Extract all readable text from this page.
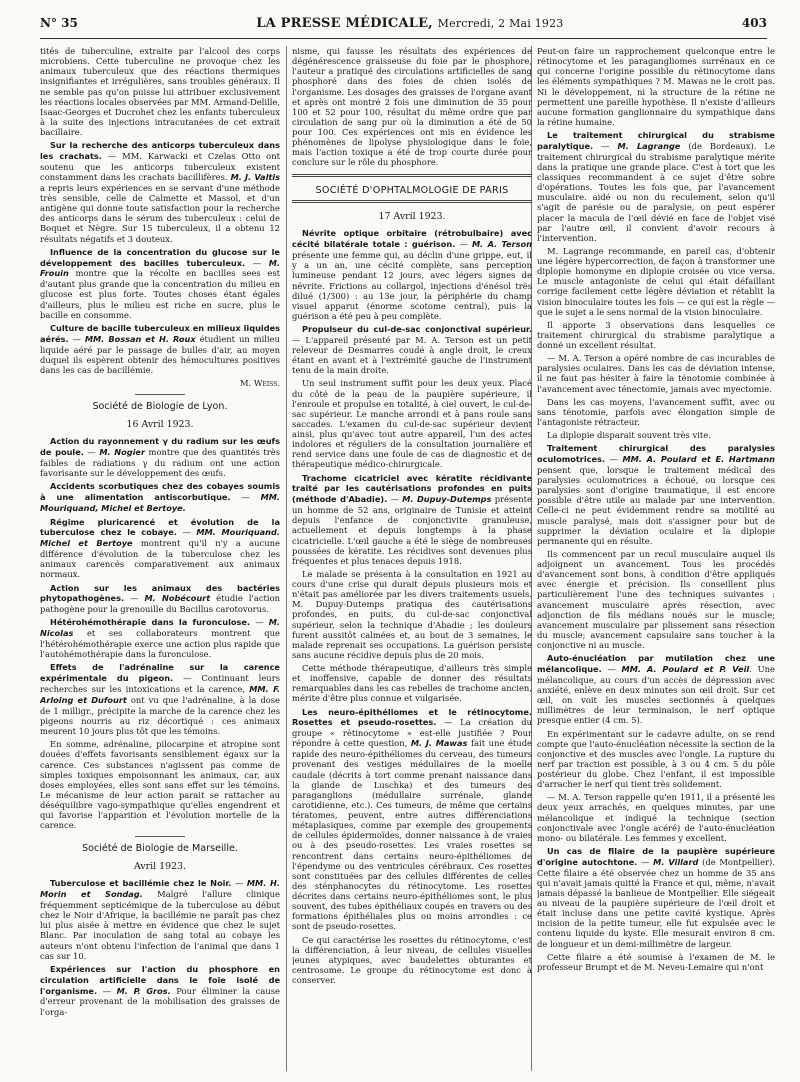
N° 35	LA PRESSE MÉDICALE, Mercredi, 2 Mai 1923	403

tités de tuberculine, extraite par l'alcool des corps microbiens. Cette tuberculine ne provoque chez les animaux tuberculeux que des réactions thermiques insignifiantes et irrégulières, sans troubles généraux. Il ne semble pas qu'on puisse lui attribuer exclusivement les réactions locales observées par MM. Armand-Delille, Isaac-Georges et Ducrohet chez les enfants tuberculeux à la suite des injections intracutanées de cet extrait bacillaire.

Sur la recherche des anticorps tuberculeux dans les crachats. — MM. Karwacki et Czelas Otto ont soutenu que les anticorps tuberculeux existent constamment dans les crachats bacillifères. M. J. Valtis a repris leurs expériences en se servant d'une méthode très sensible, celle de Calmette et Massol, et d'un antigène qui donne toute satisfaction pour la recherche des anticorps dans le sérum des tuberculeux : celui de Boquet et Nègre. Sur 15 tuberculeux, il a obtenu 12 résultats négatifs et 3 douteux.

Influence de la concentration du glucose sur le développement des bacilles tuberculeux. — M. Frouin montre que la récolte en bacilles sees est d'autant plus grande que la concentration du milieu en glucose est plus forte. Toutes choses étant égales d'ailleurs, plus le milieu est riche en sucre, plus le bacille en consomme.

Culture de bacille tuberculeux en milieux liquides aérés. — MM. Bossan et H. Roux étudient un milieu liquide aéré par le passage de bulles d'air, au moyen duquel ils espèrent obtenir des hémocultures positives dans les cas de bacillémie.

M. Weiss.

Société de Biologie de Lyon.

16 Avril 1923.

Action du rayonnement γ du radium sur les œufs de poule. — M. Nogier montre que des quantités très faibles de radiations γ du radium ont une action favorisante sur le développement des œufs.

Accidents scorbutiques chez des cobayes soumis à une alimentation antiscorbutique. — MM. Mouriquand, Michel et Bertoye.

Régime pluricarencé et évolution de la tuberculose chez le cobaye. — MM. Mouriquand. Michel et Bertoye montrent qu'il n'y a aucune différence d'évolution de la tuberculose chez les animaux carencés comparativement aux animaux normaux.

Action sur les animaux des bactéries phytopathogènes. — M. Nobécourt étudie l'action pathogène pour la grenouille du Bacillus carotovorus.

Hétérohémothérapie dans la furonculose. — M. Nicolas et ses collaborateurs montrent que l'hétérohémothérapie exerce une action plus rapide que l'autohémothérapie dans la furonculose.

Effets de l'adrénaline sur la carence expérimentale du pigeon. — Continuant leurs recherches sur les intoxications et la carence, MM. F. Arloing et Dufourt ont vu que l'adrénaline, à la dose de 1 milligr., précipite la marche de la carence chez les pigeons nourris au riz décortiqué : ces animaux meurent 10 jours plus tôt que les témoins.

En somme, adrénaline, pilocarpine et atropine sont douées d'effets favorisants sensiblement égaux sur la carence. Ces substances n'agissent pas comme de simples toxiques empoisonnant les animaux, car, aux doses employées, elles sont sans effet sur les témoins. Le mécanisme de leur action parait se rattacher au déséquilibre vago-sympathique qu'elles engendrent et qui favorise l'apparition et l'évolution mortelle de la carence.

Société de Biologie de Marseille.

Avril 1923.

Tuberculose et bacillémie chez le Noir. — MM. H. Morin et Sondag. Malgré l'allure clinique fréquemment septicémique de la tuberculose au début chez le Noir d'Afrique, la bacillémie ne paraît pas chez lui plus aisée à mettre en évidence que chez le sujet Blanc. Par inoculation de sang total au cobaye les auteurs n'ont obtenu l'infection de l'animal que dans 1 cas sur 10.

Expériences sur l'action du phosphore en circulation artificielle dans le foie isolé de l'organisme. — M. P. Gros. Pour éliminer la cause d'erreur provenant de la mobilisation des graisses de l'orga-

nisme, qui fausse les résultats des expériences de dégénérescence graisseuse du foie par le phosphore, l'auteur a pratiqué des circulations artificielles de sang phosphoré dans des foies de chien isolés de l'organisme. Les dosages des graisses de l'organe avant et après ont montré 2 fois une diminution de 35 pour 100 et 52 pour 100, résultat du même ordre que par circulation de sang pur où la diminution a été de 50 pour 100. Ces expériences ont mis en évidence les phénomènes de lipolyse physiologique dans le foie, mais l'action toxique a été de trop courte durée pour conclure sur le rôle du phosphore.

SOCIÉTÉ D'OPHTALMOLOGIE DE PARIS

17 Avril 1923.

Névrite optique orbitaire (rétrobulbaire) avec cécité bilatérale totale : guérison. — M. A. Terson présente une femme qui, au déclin d'une grippe, eut, il y a un an, une cécité complète, sans perception lumineuse pendant 12 jours, avec légers signes de névrite. Frictions au collargol, injections d'énésol très dilué (1/300) : au 13e jour, la périphérie du champ visuel apparut (énorme scotome central), puis la guérison a été peu à peu complète.

Propulseur du cul-de-sac conjonctival supérieur. — L'appareil présenté par M. A. Terson est un petit releveur de Desmarres coudé à angle droit, le creux étant en avant et à l'extrémité gauche de l'instrument tenu de la main droite.

Un seul instrument suffit pour les deux yeux. Placé du côté de la peau de la paupière supérieure, il l'enroule et propulse en totalité, à ciel ouvert, le cul-de-sac supérieur. Le manche arrondi et à pans roule sans saccades. L'examen du cul-de-sac supérieur devient ainsi, plus qu'avec tout autre appareil, l'un des actes indolores et réguliers de la consultation journalière et rend service dans une foule de cas de diagnostic et de thérapeutique médico-chirurgicale.

Trachome cicatriciel avec kératite récidivante traité par les cautérisations profondes en puits (méthode d'Abadie). — M. Dupuy-Dutemps présente un homme de 52 ans, originaire de Tunisie et atteint depuis l'enfance de conjonctivite granuleuse, actuellement et depuis longtemps à la phase cicatricielle. L'œil gauche a été le siège de nombreuses poussées de kératite. Les récidives sont devenues plus fréquentes et plus tenaces depuis 1918.

Le malade se présenta à la consultation en 1921 au cours d'une crise qui durait depuis plusieurs mois et n'était pas améliorée par les divers traitements usuels. M. Dupuy-Dutemps pratiqua des cautérisations profondes, en puits, du cul-de-sac conjonctival supérieur, selon la technique d'Abadie ; les douleurs furent aussitôt calmées et, au bout de 3 semaines, le malade reprenait ses occupations. La guérison persiste sans aucune récidive depuis plus de 20 mois.

Cette méthode thérapeutique, d'ailleurs très simple et inoffensive, capable de donner des résultats remarquables dans les cas rebelles de trachome ancien, mérite d'être plus connue et vulgarisée.

Les neuro-épithéliomes et le rétinocytome. Rosettes et pseudo-rosettes. — La création du groupe « rétinocytome » est-elle justifiée ? Pour répondre à cette question, M. J. Mawas fait une étude rapide des neuro-épithéliomes du cerveau, des tumeurs provenant des vestiges médullaires de la moelle caudale (décrits à tort comme prenant naissance dans la glande de Luschka) et des tumeurs des paraganglions (médullaire surrénale, glande carotidienne, etc.). Ces tumeurs, de même que certains tératomes, peuvent, entre autres différenciations métaplasiques, comme par exemple des groupements de cellules épidermoïdes, donner naissance à de vraies ou à des pseudo-rosettes. Les vraies rosettes se rencontrent dans certains neuro-épithéliomes de l'épendyme ou des ventricules cérébraux. Ces rosettes sont constituées par des cellules différentes de celles des sténphanocytes du rétinocytome. Les rosettes décrites dans certains neuro-épithéliomes sont, le plus souvent, des tubes épithéliaux coupés en travers ou des formations épithéliales plus ou moins arrondies : ce sont de pseudo-rosettes.

Ce qui caractérise les rosettes du rétinocytome, c'est la différenciation, à leur niveau, de cellules visuelles jeunes atypiques, avec baudelettes obturantes et centrosome. Le groupe du rétinocytome est donc à conserver.

Peut-on faire un rapprochement quelconque entre le rétinocytome et les paragangliomes surrénaux en ce qui concerne l'origine possible du rétinocytome dans les éléments sympathiques ? M. Mawas ne le croit pas. Ni le développement, ni la structure de la rétine ne permettent une pareille hypothèse. Il n'existe d'ailleurs aucune formation ganglionnaire du sympathique dans la rétine humaine.

Le traitement chirurgical du strabisme paralytique. — M. Lagrange (de Bordeaux). Le traitement chirurgical du strabisme paralytique mérite dans la pratique une grande place. C'est à tort que les classiques recommandent à ce sujet d'être sobre d'opérations. Toutes les fois que, par l'avancement musculaire. aidé ou non du reculement, selon qu'il s'agit de parésie ou de paralysie, on peut espérer placer la macula de l'œil dévié en face de l'objet visé par l'autre œil, il convient d'avoir recours à l'intervention.

M. Lagrange recommande, en pareil cas, d'obtenir une légère hypercorrection, de façon à transformer une diplopie homonyme en diplopie croisée ou vice versa. Le muscle antagoniste de celui qui était défaillant corrige facilement cette légère déviation et rétablit la vision binoculaire toutes les fois — ce qui est la règle — que le sujet a le sens normal de la vision binoculaire.

Il apporte 3 observations dans lesquelles ce traitement chirurgical du strabisme paralytique a donné un excellent résultat.

— M. A. Terson a opéré nombre de cas incurables de paralysies oculaires. Dans les cas de déviation intense, il ne faut pas hésiter à faire la ténotomie combinée à l'avancement avec ténectomie, jamais avec myectomie.

Dans les cas moyens, l'avancement suffit, avec ou sans ténotomie, parfois avec élongation simple de l'antagoniste rétracteur.

La diplopie disparait souvent très vite.

Traitement chirurgical des paralysies oculomotrices. — MM. A. Poulard et E. Hartmann pensent que, lorsque le traitement médical des paralysies oculomotrices a échoué, ou lorsque ces paralysies sont d'origine traumatique, il est encore possible d'être utile au malade par une intervention. Celle-ci ne peut évidemment rendre sa motilité au muscle paralysé, mais doit s'assigner pour but de supprimer la déviation oculaire et la diplopie permanente qui en résulte.

Ils commencent par un recul musculaire auquel ils adjoignent un avancement. Tous les procédés d'avancement sont bons, à condition d'être appliqués avec énergie et précision. Ils conseillent plus particulièrement l'une des techniques suivantes : avancement musculaire après résection, avec adjonction de fils médians noués sur le muscle; avancement musculaire par plissement sans résection du muscle; avancement capsulaire sans toucher à la conjonctive ni au muscle.

Auto-énucléation par mutilation chez une mélancolique. — MM. A. Poulard et P. Veil. Une mélancolique, au cours d'un accès de dépression avec anxiété, enlève en deux minutes son œil droit. Sur cet œil, on voit les muscles sectionnés à quelques millimètres de leur terminaison, le nerf optique presque entier (4 cm. 5).

En expérimentant sur le cadavre adulte, on se rend compte que l'auto-énucléation nécessite la section de la conjonctive et des muscles avec l'ongle. La rupture du nerf par traction est possible, à 3 ou 4 cm. 5 du pôle postérieur du globe. Chez l'enfant, il est impossible d'arracher le nerf qui tient très solidement.

— M. A. Terson rappelle qu'en 1911, il a présenté les deux yeux arrachés, en quelques minutes, par une mélancolique et indiqué la technique (section conjonctivale avec l'ongle acéré) de l'auto-énucléation mono- ou bilatérale. Les femmes y excellent.

Un cas de filaire de la paupière supérieure d'origine autochtone. — M. Villard (de Montpellier). Cette filaire a été observée chez un homme de 35 ans qui n'avait jamais quitté la France et qui, même, n'avait jamais dépassé la banlieue de Montpellier. Elle siégeait au niveau de la paupière supérieure de l'œil droit et était incluse dans une petite cavité kystique. Après incision de la petite tumeur, elle fut expulsée avec le contenu liquide du kyste. Elle mesurait environ 8 cm. de longueur et un demi-millimètre de largeur.

Cette filaire a été soumise à l'examen de M. le professeur Brumpt et de M. Neveu-Lemaire qui n'ont
